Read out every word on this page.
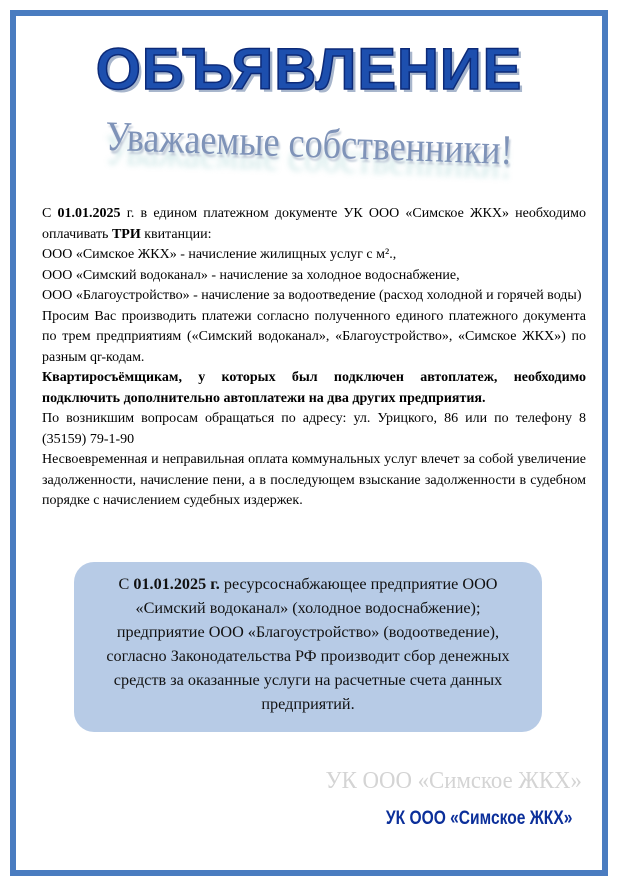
ОБЪЯВЛЕНИЕ
Уважаемые собственники!

С 01.01.2025 г. в едином платежном документе УК ООО «Симское ЖКХ» необходимо оплачивать ТРИ квитанции:

ООО «Симское ЖКХ» - начисление жилищных услуг с м².,

ООО «Симский водоканал» - начисление за холодное водоснабжение,

ООО «Благоустройство» - начисление за водоотведение (расход холодной и горячей воды)

Просим Вас производить платежи согласно полученного единого платежного документа по трем предприятиям («Симский водоканал», «Благоустройство», «Симское ЖКХ») по разным qr-кодам.

Квартиросъёмщикам, у которых был подключен автоплатеж, необходимо подключить дополнительно автоплатежи на два других предприятия.

По возникшим вопросам обращаться по адресу: ул. Урицкого, 86 или по телефону 8 (35159) 79-1-90

Несвоевременная и неправильная оплата коммунальных услуг влечет за собой увеличение задолженности, начисление пени, а в последующем взыскание задолженности в судебном порядке с начислением судебных издержек.

С 01.01.2025 г. ресурсоснабжающее предприятие ООО «Симский водоканал» (холодное водоснабжение); предприятие ООО «Благоустройство» (водоотведение), согласно Законодательства РФ производит сбор денежных средств за оказанные услуги на расчетные счета данных предприятий.
УК ООО «Симское ЖКХ»
УК ООО «Симское ЖКХ»
